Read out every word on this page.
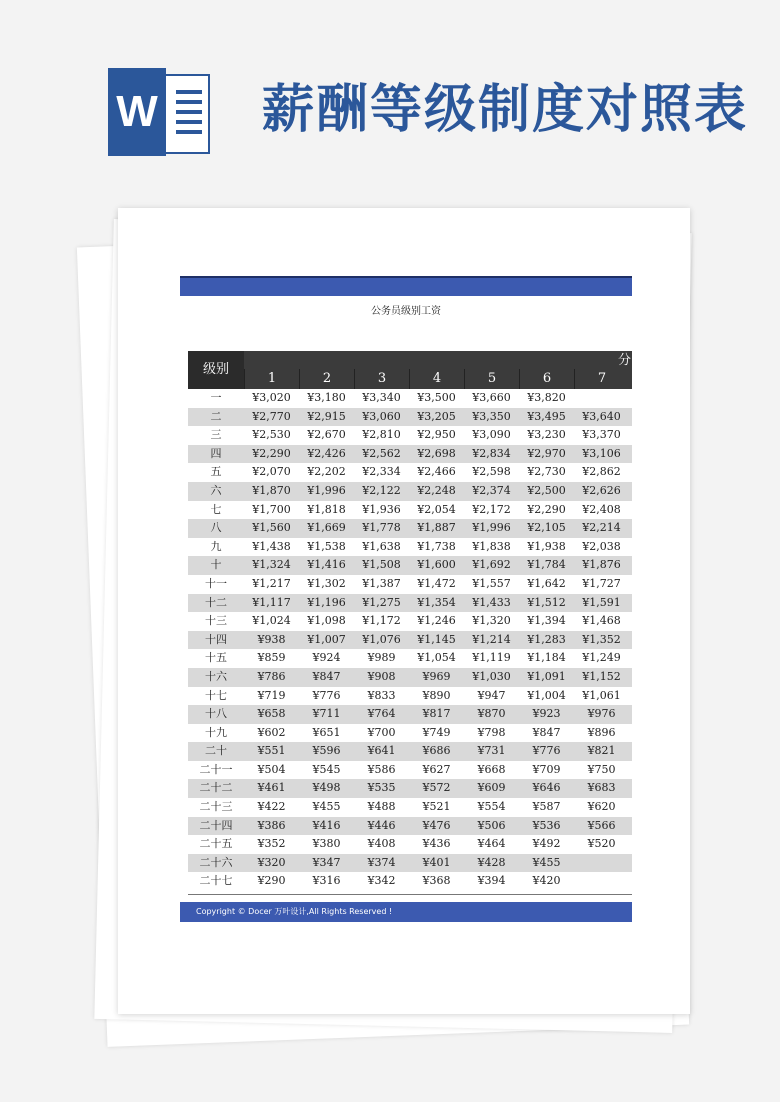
W 薪酬等级制度对照表
公务员级别工资
级别
分
1	2	3	4	5	6	7
一	¥3,020	¥3,180	¥3,340	¥3,500	¥3,660	¥3,820
二	¥2,770	¥2,915	¥3,060	¥3,205	¥3,350	¥3,495	¥3,640
三	¥2,530	¥2,670	¥2,810	¥2,950	¥3,090	¥3,230	¥3,370
四	¥2,290	¥2,426	¥2,562	¥2,698	¥2,834	¥2,970	¥3,106
五	¥2,070	¥2,202	¥2,334	¥2,466	¥2,598	¥2,730	¥2,862
六	¥1,870	¥1,996	¥2,122	¥2,248	¥2,374	¥2,500	¥2,626
七	¥1,700	¥1,818	¥1,936	¥2,054	¥2,172	¥2,290	¥2,408
八	¥1,560	¥1,669	¥1,778	¥1,887	¥1,996	¥2,105	¥2,214
九	¥1,438	¥1,538	¥1,638	¥1,738	¥1,838	¥1,938	¥2,038
十	¥1,324	¥1,416	¥1,508	¥1,600	¥1,692	¥1,784	¥1,876
十一	¥1,217	¥1,302	¥1,387	¥1,472	¥1,557	¥1,642	¥1,727
十二	¥1,117	¥1,196	¥1,275	¥1,354	¥1,433	¥1,512	¥1,591
十三	¥1,024	¥1,098	¥1,172	¥1,246	¥1,320	¥1,394	¥1,468
十四	¥938	¥1,007	¥1,076	¥1,145	¥1,214	¥1,283	¥1,352
十五	¥859	¥924	¥989	¥1,054	¥1,119	¥1,184	¥1,249
十六	¥786	¥847	¥908	¥969	¥1,030	¥1,091	¥1,152
十七	¥719	¥776	¥833	¥890	¥947	¥1,004	¥1,061
十八	¥658	¥711	¥764	¥817	¥870	¥923	¥976
十九	¥602	¥651	¥700	¥749	¥798	¥847	¥896
二十	¥551	¥596	¥641	¥686	¥731	¥776	¥821
二十一	¥504	¥545	¥586	¥627	¥668	¥709	¥750
二十二	¥461	¥498	¥535	¥572	¥609	¥646	¥683
二十三	¥422	¥455	¥488	¥521	¥554	¥587	¥620
二十四	¥386	¥416	¥446	¥476	¥506	¥536	¥566
二十五	¥352	¥380	¥408	¥436	¥464	¥492	¥520
二十六	¥320	¥347	¥374	¥401	¥428	¥455
二十七	¥290	¥316	¥342	¥368	¥394	¥420
Copyright © Docer 万叶设计,All Rights Reserved !
